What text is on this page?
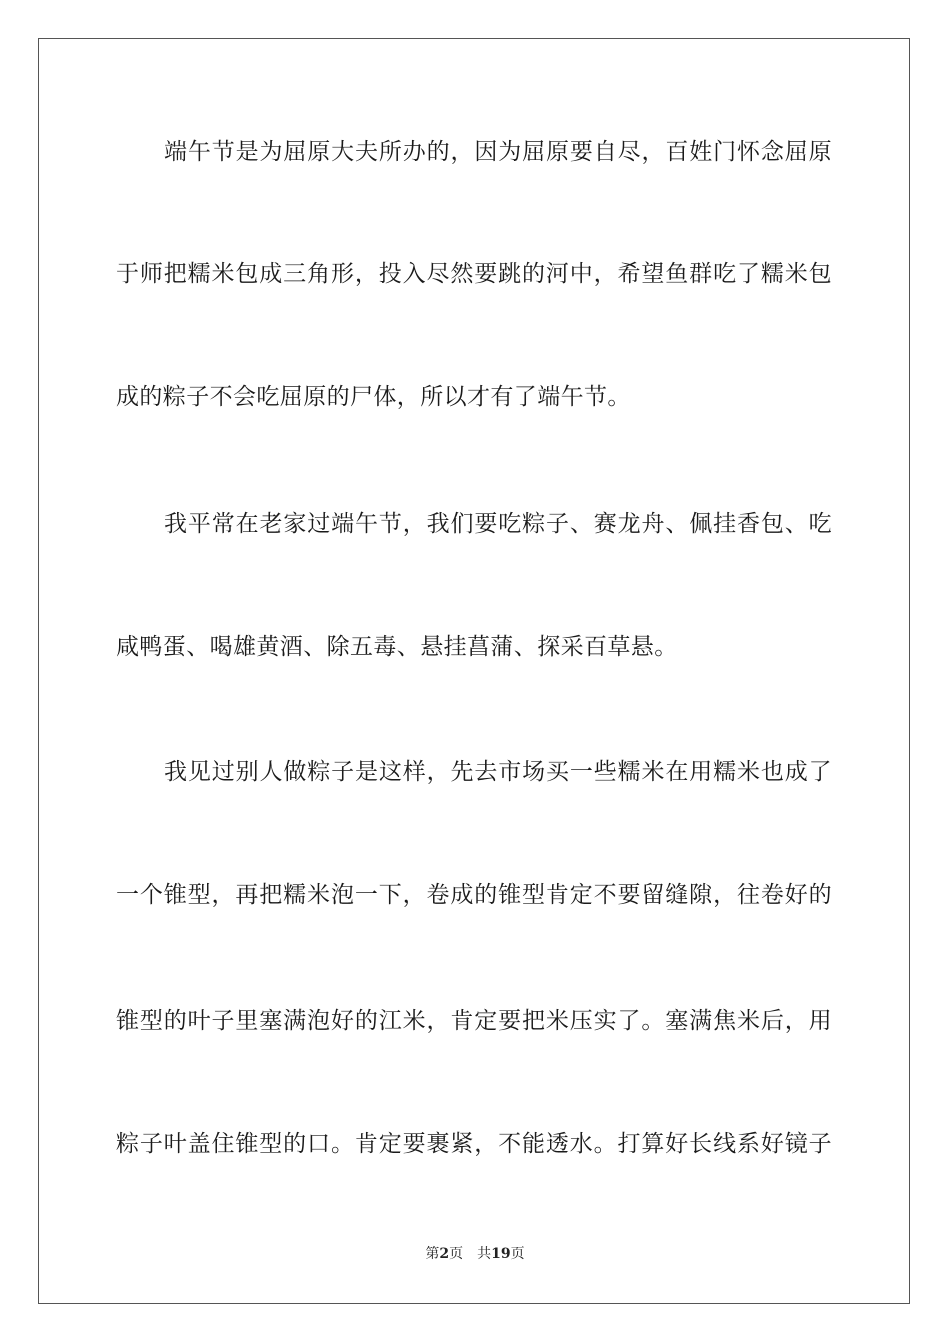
端午节是为屈原大夫所办的，因为屈原要自尽，百姓门怀念屈原
于师把糯米包成三角形，投入尽然要跳的河中，希望鱼群吃了糯米包
成的粽子不会吃屈原的尸体，所以才有了端午节。
我平常在老家过端午节，我们要吃粽子、赛龙舟、佩挂香包、吃
咸鸭蛋、喝雄黄酒、除五毒、悬挂菖蒲、探采百草悬。
我见过别人做粽子是这样，先去市场买一些糯米在用糯米也成了
一个锥型，再把糯米泡一下，卷成的锥型肯定不要留缝隙，往卷好的
锥型的叶子里塞满泡好的江米，肯定要把米压实了。塞满焦米后，用
粽子叶盖住锥型的口。肯定要裹紧，不能透水。打算好长线系好镜子
第2页 共19页
